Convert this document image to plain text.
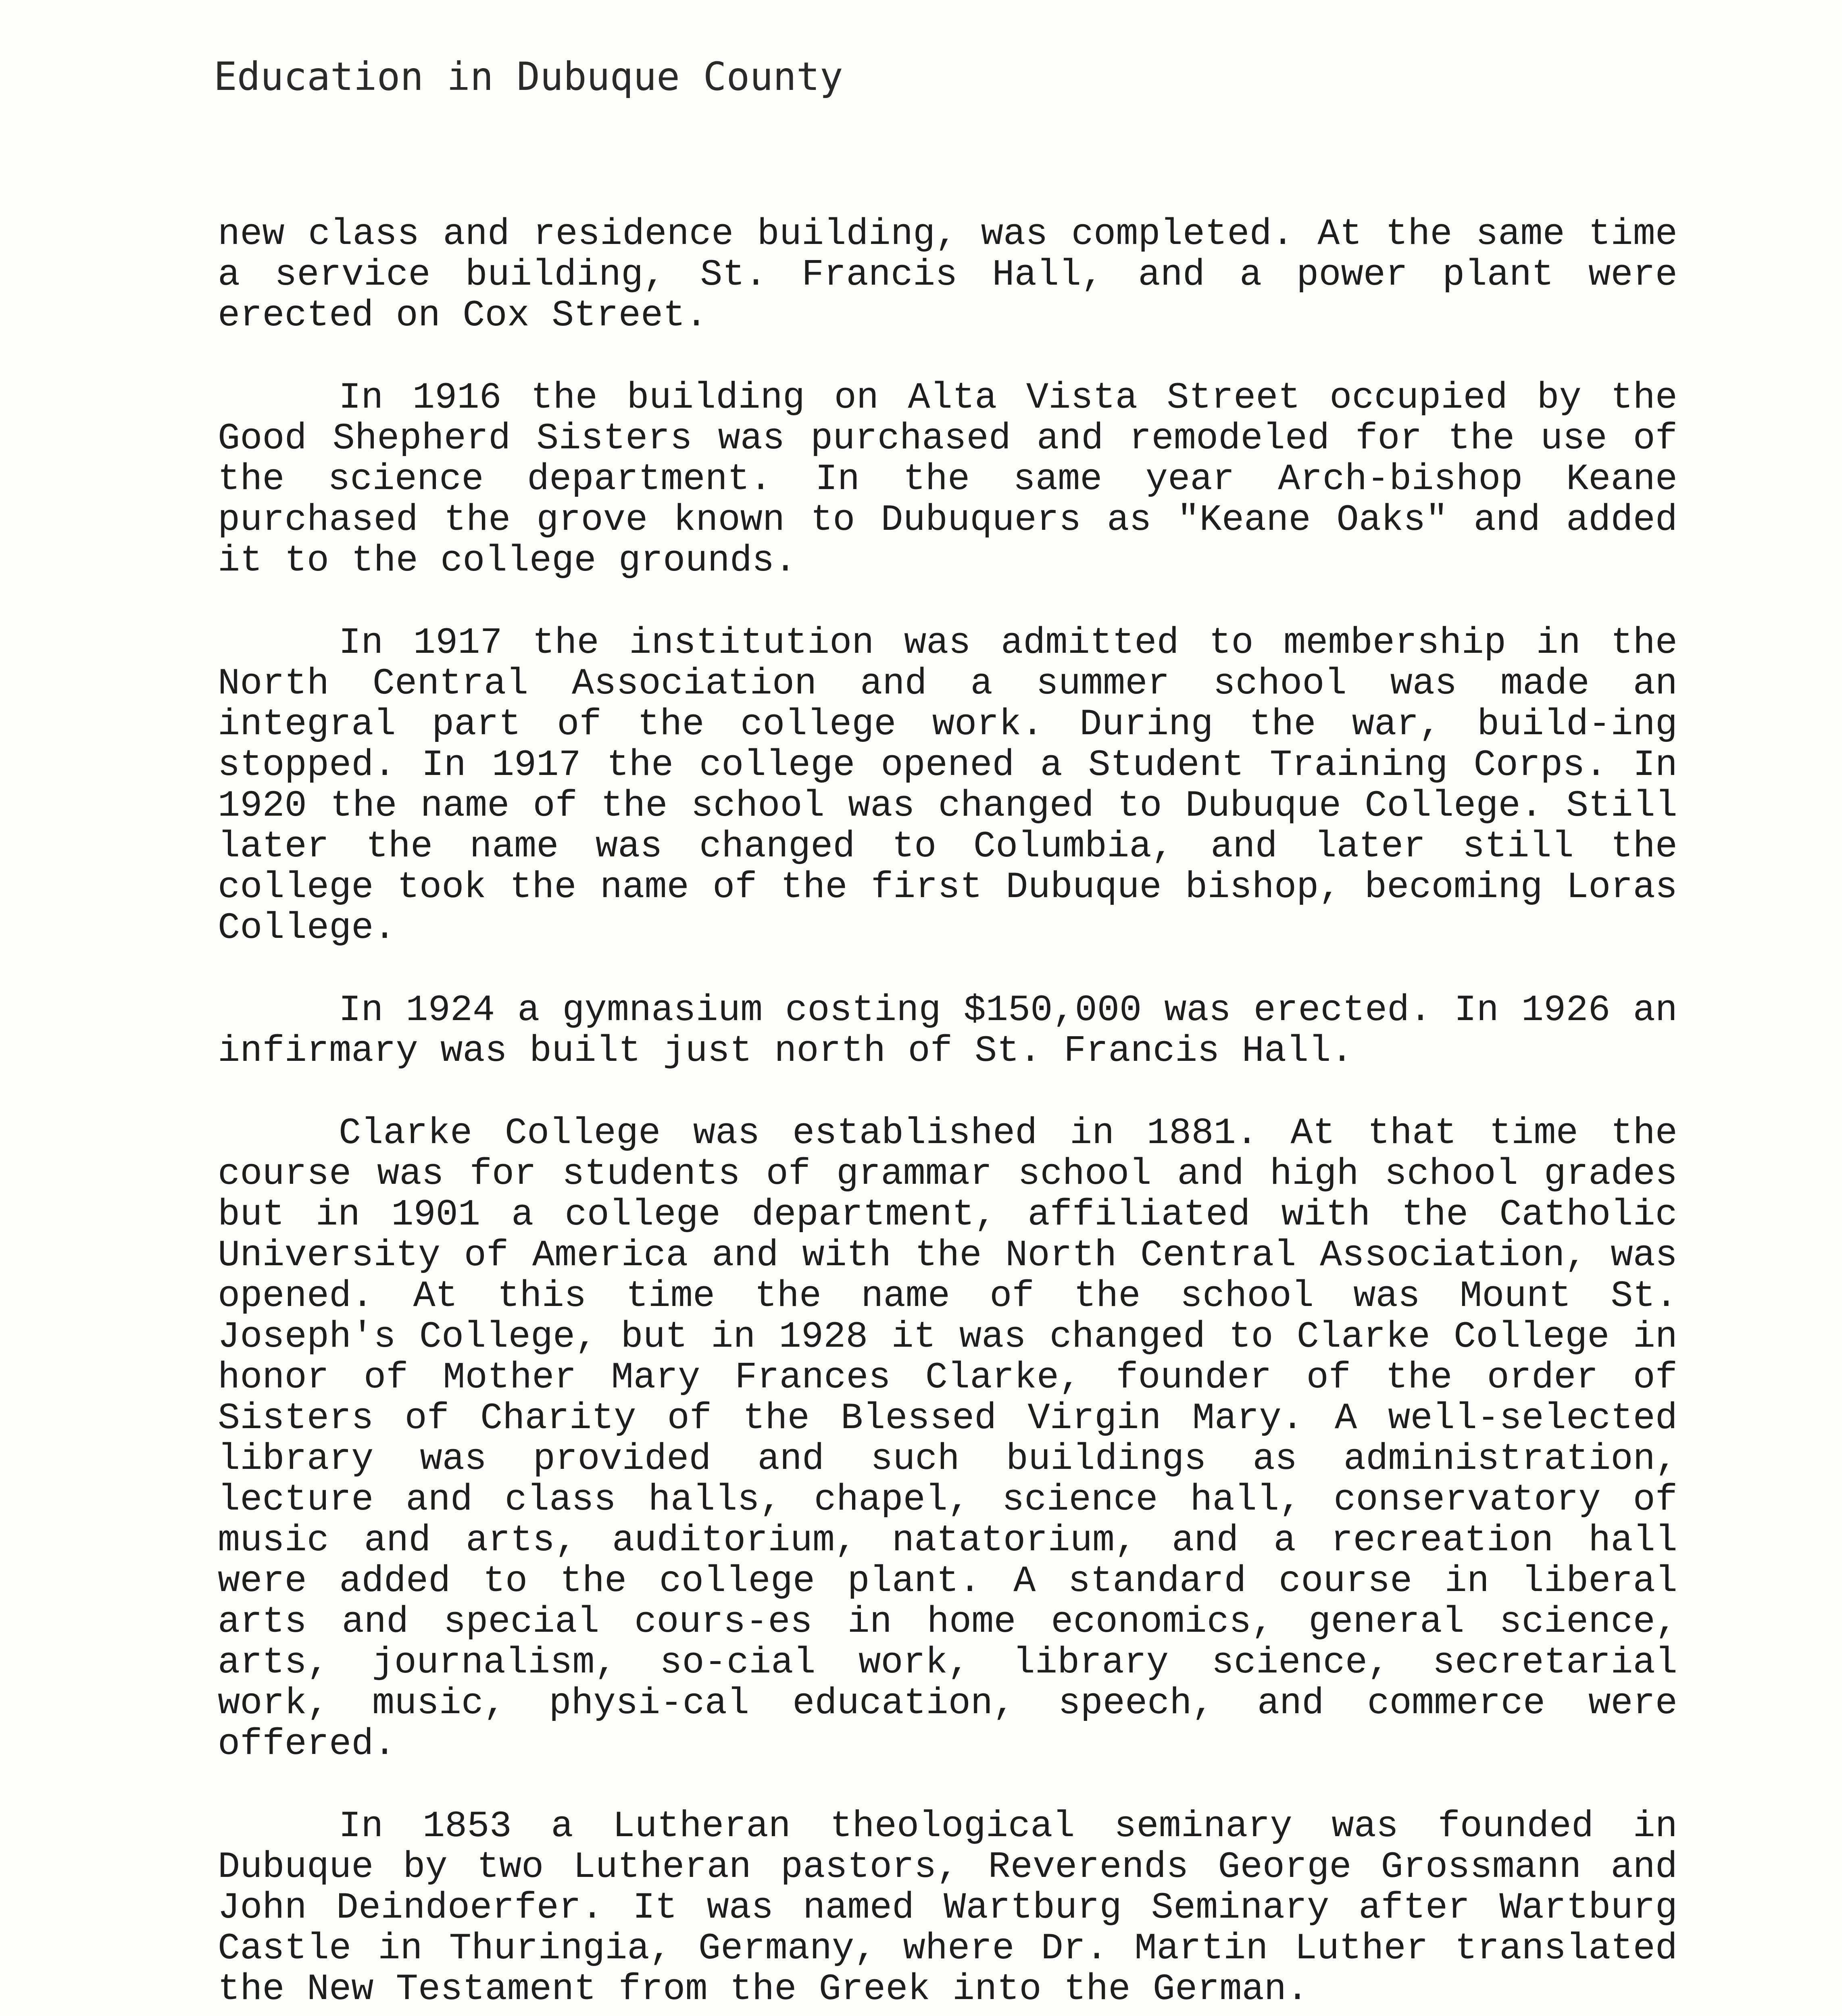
Education in Dubuque County

new class and residence building, was completed. At the same time a service building, St. Francis Hall, and a power plant were erected on Cox Street.

In 1916 the building on Alta Vista Street occupied by the Good Shepherd Sisters was purchased and remodeled for the use of the science department. In the same year Arch-bishop Keane purchased the grove known to Dubuquers as "Keane Oaks" and added it to the college grounds.

In 1917 the institution was admitted to membership in the North Central Association and a summer school was made an integral part of the college work. During the war, build-ing stopped. In 1917 the college opened a Student Training Corps. In 1920 the name of the school was changed to Dubuque College. Still later the name was changed to Columbia, and later still the college took the name of the first Dubuque bishop, becoming Loras College.

In 1924 a gymnasium costing $150,000 was erected. In 1926 an infirmary was built just north of St. Francis Hall.

Clarke College was established in 1881. At that time the course was for students of grammar school and high school grades but in 1901 a college department, affiliated with the Catholic University of America and with the North Central Association, was opened. At this time the name of the school was Mount St. Joseph's College, but in 1928 it was changed to Clarke College in honor of Mother Mary Frances Clarke, founder of the order of Sisters of Charity of the Blessed Virgin Mary. A well-selected library was provided and such buildings as administration, lecture and class halls, chapel, science hall, conservatory of music and arts, auditorium, natatorium, and a recreation hall were added to the college plant. A standard course in liberal arts and special cours-es in home economics, general science, arts, journalism, so-cial work, library science, secretarial work, music, physi-cal education, speech, and commerce were offered.

In 1853 a Lutheran theological seminary was founded in Dubuque by two Lutheran pastors, Reverends George Grossmann and John Deindoerfer. It was named Wartburg Seminary after Wartburg Castle in Thuringia, Germany, where Dr. Martin Luther translated the New Testament from the Greek into the German.
